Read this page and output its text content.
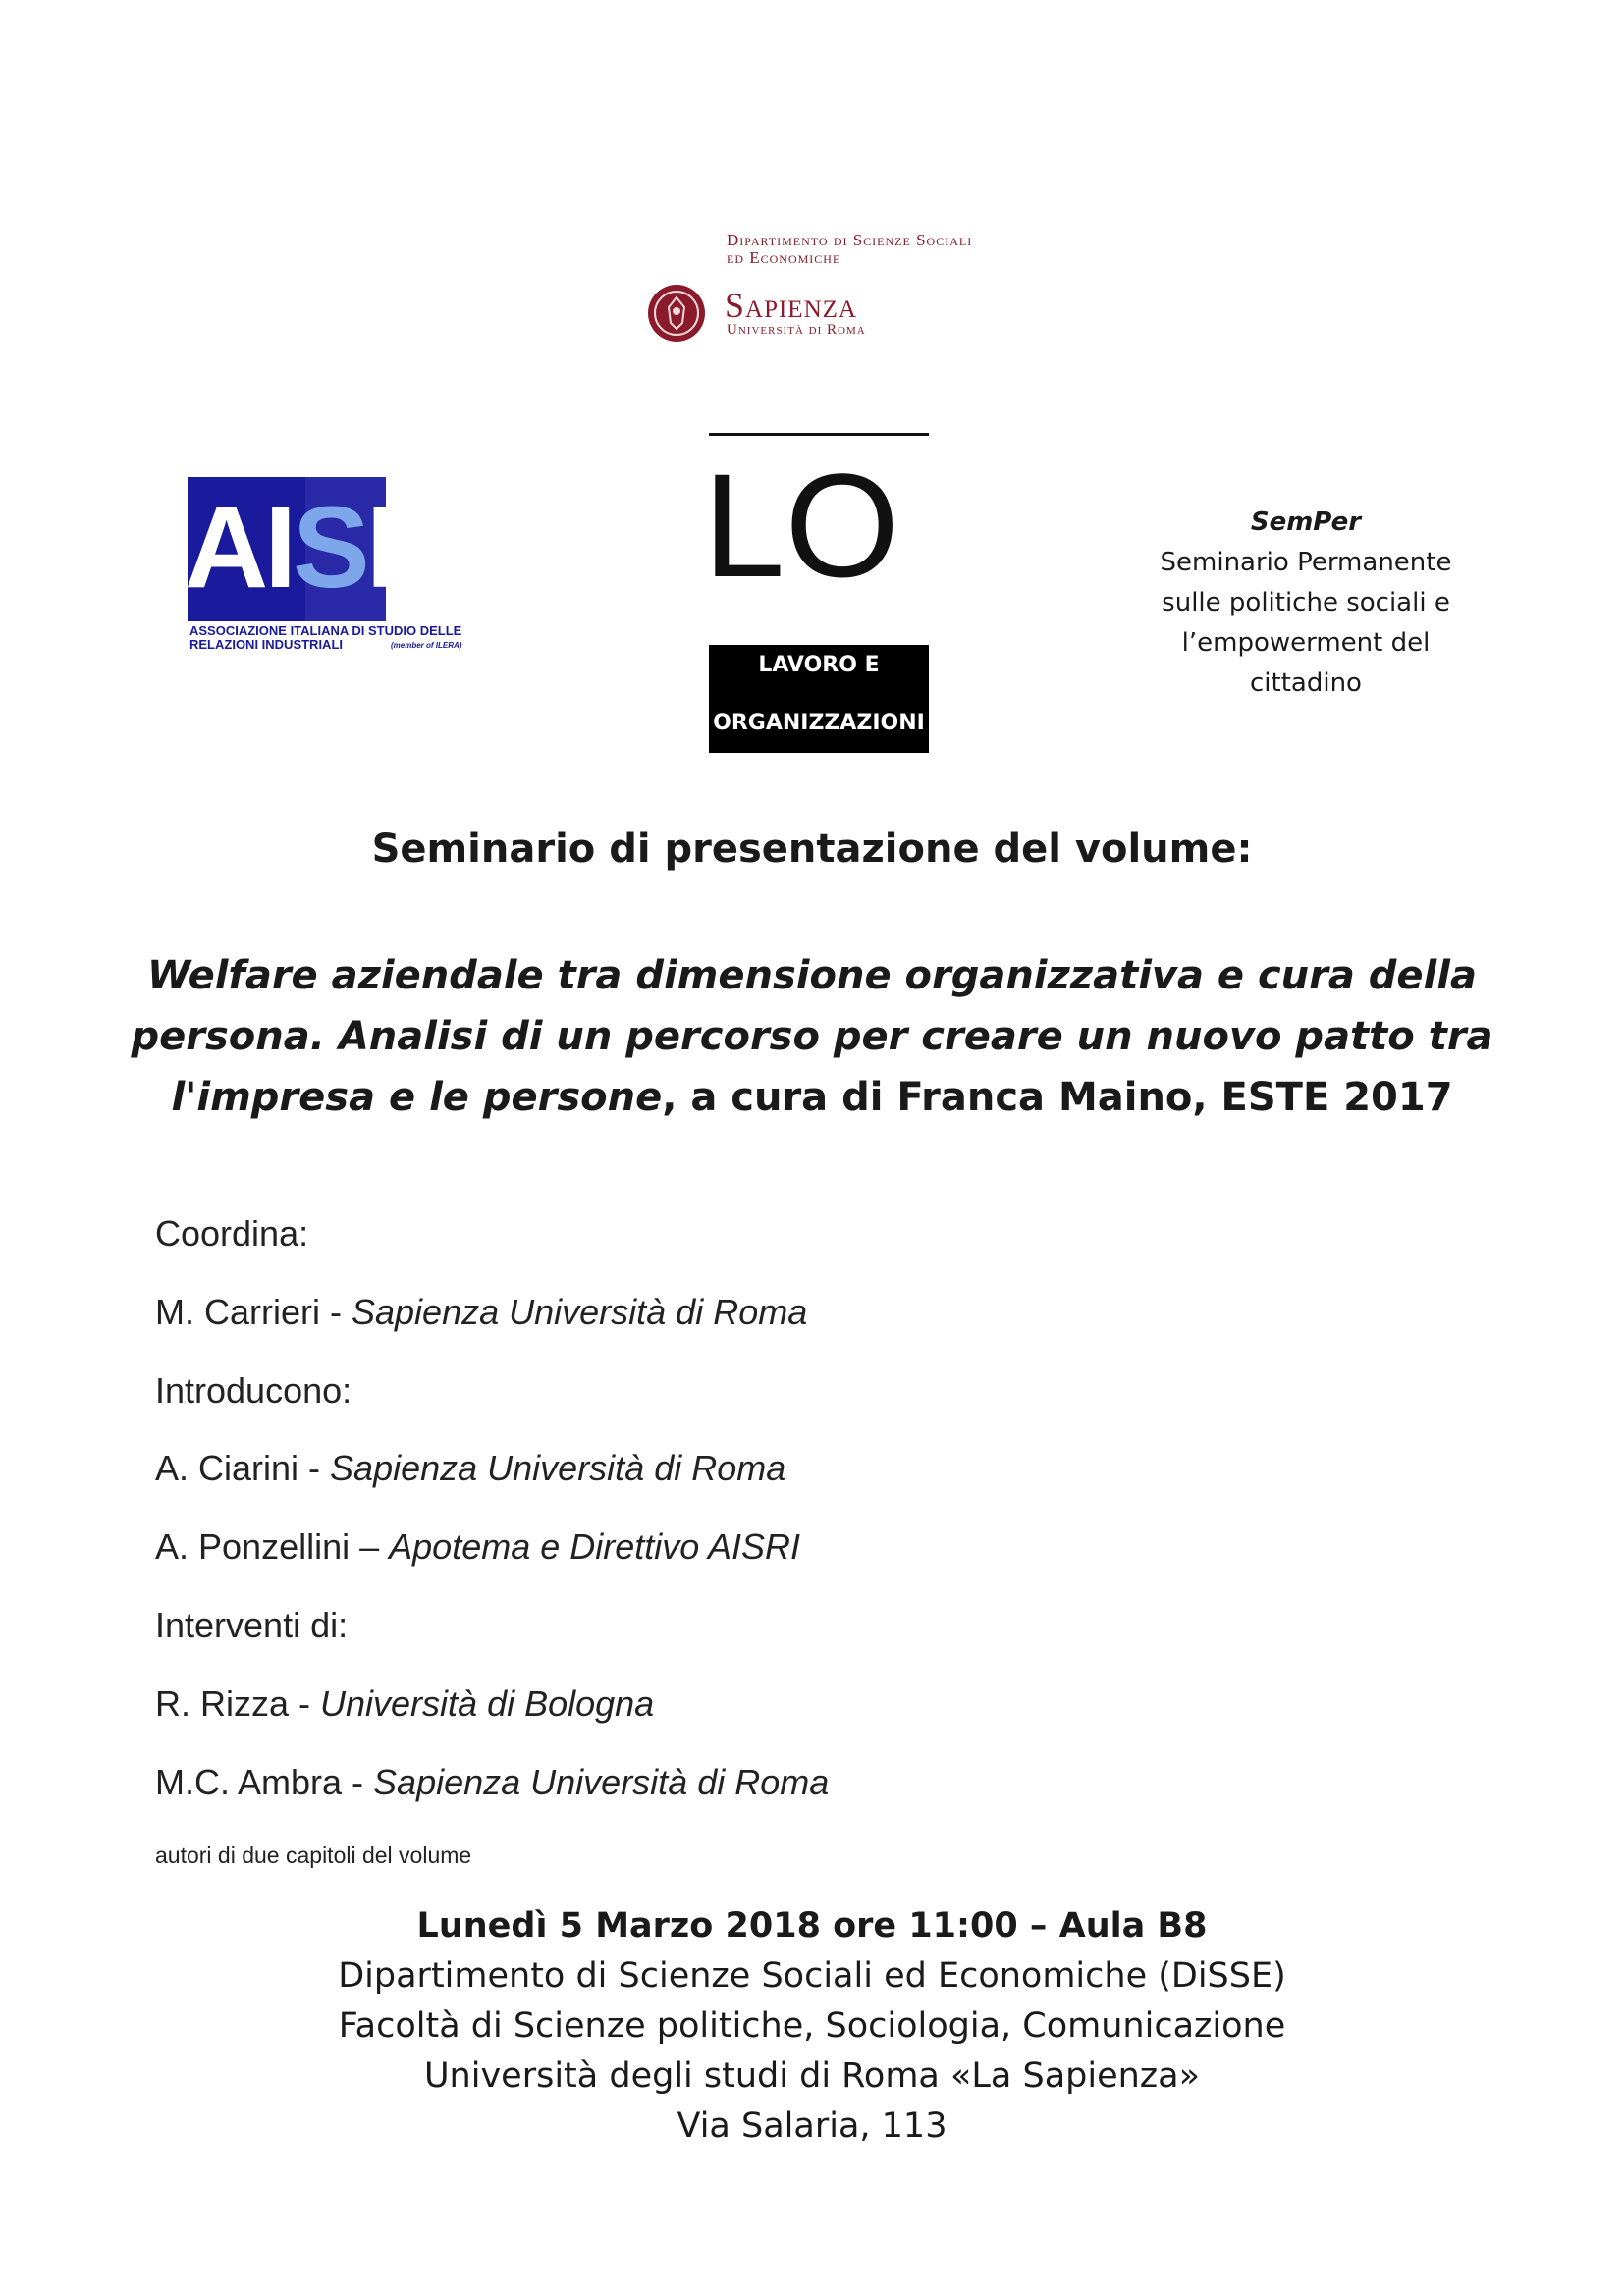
Dipartimento di Scienze Sociali
ed Economiche
Sapienza
Università di Roma
AISRI
ASSOCIAZIONE ITALIANA DI STUDIO DELLE
RELAZIONI INDUSTRIALI	(member of ILERA)
LO
LAVORO E
ORGANIZZAZIONI
SemPer
Seminario Permanente
sulle politiche sociali e
l’empowerment del
cittadino
Seminario di presentazione del volume:
Welfare aziendale tra dimensione organizzativa e cura della
persona. Analisi di un percorso per creare un nuovo patto tra
l'impresa e le persone, a cura di Franca Maino, ESTE 2017
Coordina:
M. Carrieri - Sapienza Università di Roma
Introducono:
A. Ciarini - Sapienza Università di Roma
A. Ponzellini – Apotema e Direttivo AISRI
Interventi di:
R. Rizza - Università di Bologna
M.C. Ambra - Sapienza Università di Roma
autori di due capitoli del volume
Lunedì 5 Marzo 2018 ore 11:00 – Aula B8
Dipartimento di Scienze Sociali ed Economiche (DiSSE)
Facoltà di Scienze politiche, Sociologia, Comunicazione
Università degli studi di Roma «La Sapienza»
Via Salaria, 113
